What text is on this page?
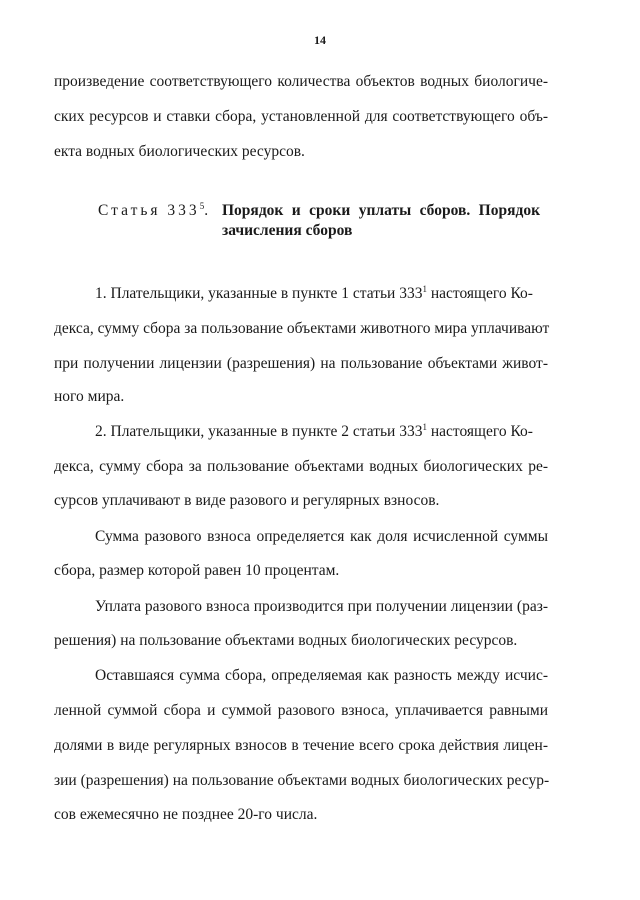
14
произведение соответствующего количества объектов водных биологиче-
ских ресурсов и ставки сбора, установленной для соответствующего объ-
екта водных биологических ресурсов.
Статья $333^5$. Порядок и сроки уплаты сборов. Порядок
зачисления сборов
1. Плательщики, указанные в пункте 1 статьи 333$^1$ настоящего Ко-
декса, сумму сбора за пользование объектами животного мира уплачивают
при получении лицензии (разрешения) на пользование объектами живот-
ного мира.
2. Плательщики, указанные в пункте 2 статьи 333$^1$ настоящего Ко-
декса, сумму сбора за пользование объектами водных биологических ре-
сурсов уплачивают в виде разового и регулярных взносов.
Сумма разового взноса определяется как доля исчисленной суммы
сбора, размер которой равен 10 процентам.
Уплата разового взноса производится при получении лицензии (раз-
решения) на пользование объектами водных биологических ресурсов.
Оставшаяся сумма сбора, определяемая как разность между исчис-
ленной суммой сбора и суммой разового взноса, уплачивается равными
долями в виде регулярных взносов в течение всего срока действия лицен-
зии (разрешения) на пользование объектами водных биологических ресур-
сов ежемесячно не позднее 20-го числа.
